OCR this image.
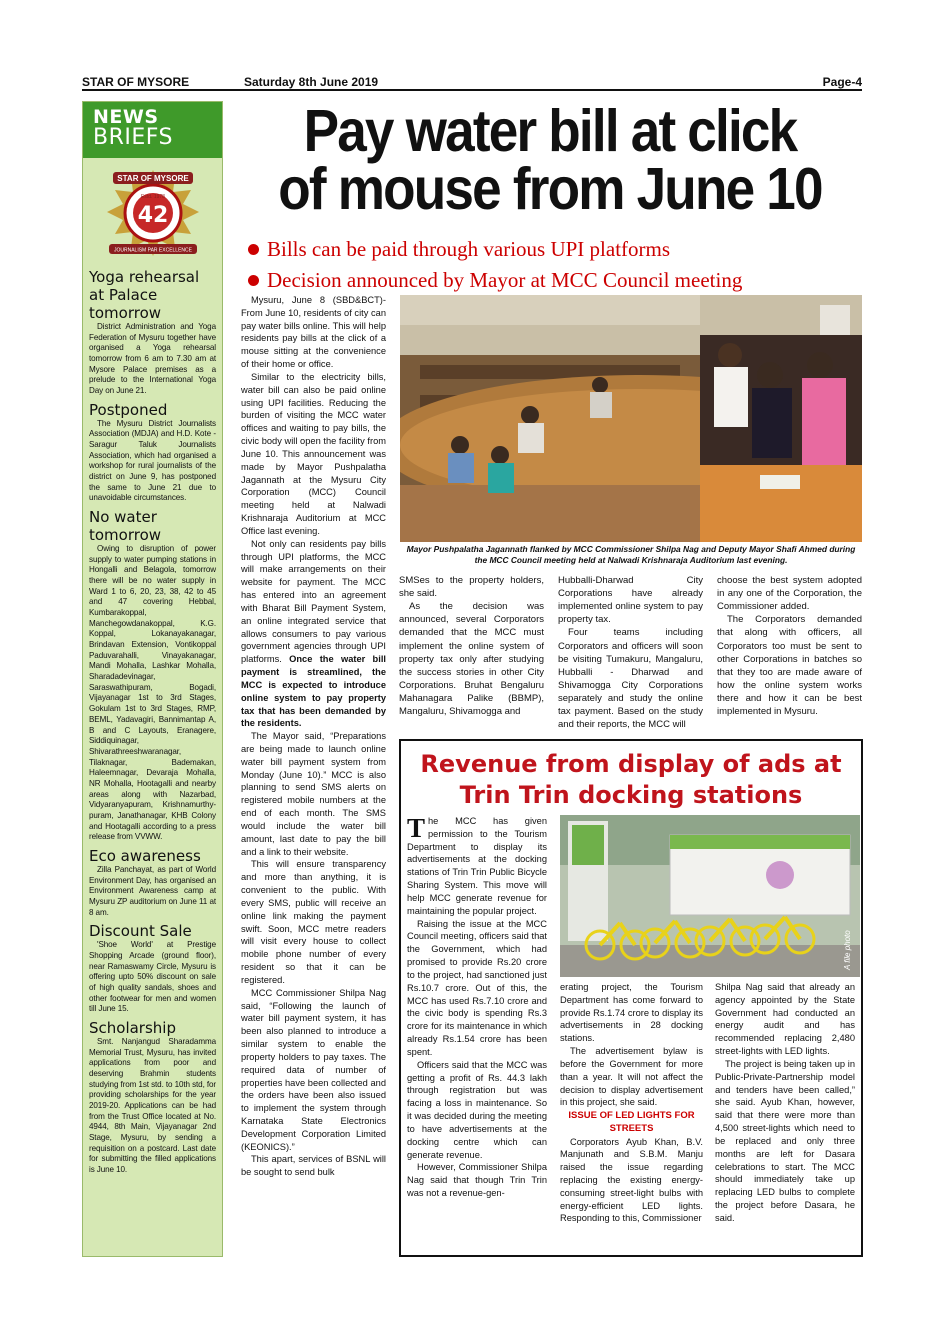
STAR OF MYSORE	Saturday 8th June 2019	Page-4
NEWS
BRIEFS
STAR OF MYSORE
Estd. 1978
42
JOURNALISM PAR EXCELLENCE
Yoga rehearsal at Palace tomorrow

District Administration and Yoga Federation of Mysuru together have organised a Yoga rehearsal tomorrow from 6 am to 7.30 am at Mysore Palace premises as a prelude to the International Yoga Day on June 21.

Postponed

The Mysuru District Journalists Association (MDJA) and H.D. Kote - Saragur Taluk Journalists Association, which had organised a workshop for rural journalists of the district on June 9, has postponed the same to June 21 due to unavoidable circumstances.

No water tomorrow

Owing to disruption of power supply to water pumping stations in Hongalli and Belagola, tomorrow there will be no water supply in Ward 1 to 6, 20, 23, 38, 42 to 45 and 47 covering Hebbal, Kumbarakoppal, Manchegowdanakoppal, K.G. Koppal, Lokanayakanagar, Brindavan Extension, Vontikoppal Paduvarahalli, Vinayakanagar, Mandi Mohalla, Lashkar Mohalla, Sharadadevinagar, Saraswathipuram, Bogadi, Vijayanagar 1st to 3rd Stages, Gokulam 1st to 3rd Stages, RMP, BEML, Yadavagiri, Bannimantap A, B and C Layouts, Eranagere, Siddiquinagar, Shivarathreeshwaranagar, Tilaknagar, Bademakan, Haleemnagar, Devaraja Mohalla, NR Mohalla, Hootagalli and nearby areas along with Nazarbad, Vidyaranyapuram, Krishnamurthy-puram, Janathanagar, KHB Colony and Hootagalli according to a press release from VVWW.

Eco awareness

Zilla Panchayat, as part of World Environment Day, has organised an Environment Awareness camp at Mysuru ZP auditorium on June 11 at 8 am.

Discount Sale

'Shoe World' at Prestige Shopping Arcade (ground floor), near Ramaswamy Circle, Mysuru is offering upto 50% discount on sale of high quality sandals, shoes and other footwear for men and women till June 15.

Scholarship

Smt. Nanjangud Sharadamma Memorial Trust, Mysuru, has invited applications from poor and deserving Brahmin students studying from 1st std. to 10th std, for providing scholarships for the year 2019-20. Applications can be had from the Trust Office located at No. 4944, 8th Main, Vijayanagar 2nd Stage, Mysuru, by sending a requisition on a postcard. Last date for submitting the filled applications is June 10.

Pay water bill at click
of mouse from June 10
Bills can be paid through various UPI platforms
Decision announced by Mayor at MCC Council meeting

Mysuru, June 8 (SBD&BCT)- From June 10, residents of city can pay water bills online. This will help residents pay bills at the click of a mouse sitting at the convenience of their home or office.

Similar to the electricity bills, water bill can also be paid online using UPI facilities. Reducing the burden of visiting the MCC water offices and waiting to pay bills, the civic body will open the facility from June 10. This announcement was made by Mayor Pushpalatha Jagannath at the Mysuru City Corporation (MCC) Council meeting held at Nalwadi Krishnaraja Auditorium at MCC Office last evening.

Not only can residents pay bills through UPI platforms, the MCC will make arrangements on their website for payment. The MCC has entered into an agreement with Bharat Bill Payment System, an online integrated service that allows consumers to pay various government agencies through UPI platforms. Once the water bill payment is streamlined, the MCC is expected to introduce online system to pay property tax that has been demanded by the residents.

The Mayor said, “Preparations are being made to launch online water bill payment system from Monday (June 10).” MCC is also planning to send SMS alerts on registered mobile numbers at the end of each month. The SMS would include the water bill amount, last date to pay the bill and a link to their website.

This will ensure transparency and more than anything, it is convenient to the public. With every SMS, public will receive an online link making the payment swift. Soon, MCC metre readers will visit every house to collect mobile phone number of every resident so that it can be registered.

MCC Commissioner Shilpa Nag said, “Following the launch of water bill payment system, it has been also planned to introduce a similar system to enable the property holders to pay taxes. The required data of number of properties have been collected and the orders have been also issued to implement the system through Karnataka State Electronics Development Corporation Limited (KEONICS).”

This apart, services of BSNL will be sought to send bulk

Mayor Pushpalatha Jagannath flanked by MCC Commissioner Shilpa Nag and Deputy Mayor Shafi Ahmed during the MCC Council meeting held at Nalwadi Krishnaraja Auditorium last evening.

SMSes to the property holders, she said.

As the decision was announced, several Corporators demanded that the MCC must implement the online system of property tax only after studying the success stories in other City Corporations. Bruhat Bengaluru Mahanagara Palike (BBMP), Mangaluru, Shivamogga and

Hubballi-Dharwad City Corporations have already implemented online system to pay property tax.

Four teams including Corporators and officers will soon be visiting Tumakuru, Mangaluru, Hubballi - Dharwad and Shivamogga City Corporations separately and study the online tax payment. Based on the study and their reports, the MCC will

choose the best system adopted in any one of the Corporation, the Commissioner added.

The Corporators demanded that along with officers, all Corporators too must be sent to other Corporations in batches so that they too are made aware of how the online system works there and how it can be best implemented in Mysuru.

Revenue from display of ads at
Trin Trin docking stations

The MCC has given permission to the Tourism Department to display its advertisements at the docking stations of Trin Trin Public Bicycle Sharing System. This move will help MCC generate revenue for maintaining the popular project.

Raising the issue at the MCC Council meeting, officers said that the Government, which had promised to provide Rs.20 crore to the project, had sanctioned just Rs.10.7 crore. Out of this, the MCC has used Rs.7.10 crore and the civic body is spending Rs.3 crore for its maintenance in which already Rs.1.54 crore has been spent.

Officers said that the MCC was getting a profit of Rs. 44.3 lakh through registration but was facing a loss in maintenance. So it was decided during the meeting to have advertisements at the docking centre which can generate revenue.

However, Commissioner Shilpa Nag said that though Trin Trin was not a revenue-gen-

A file photo

erating project, the Tourism Department has come forward to provide Rs.1.74 crore to display its advertisements in 28 docking stations.

The advertisement bylaw is before the Government for more than a year. It will not affect the decision to display advertisement in this project, she said.

ISSUE OF LED LIGHTS FOR STREETS

Corporators Ayub Khan, B.V. Manjunath and S.B.M. Manju raised the issue regarding replacing the existing energy-consuming street-light bulbs with energy-efficient LED lights. Responding to this, Commissioner

Shilpa Nag said that already an agency appointed by the State Government had conducted an energy audit and has recommended replacing 2,480 street-lights with LED lights.

The project is being taken up in Public-Private-Partnership model and tenders have been called,” she said. Ayub Khan, however, said that there were more than 4,500 street-lights which need to be replaced and only three months are left for Dasara celebrations to start. The MCC should immediately take up replacing LED bulbs to complete the project before Dasara, he said.
